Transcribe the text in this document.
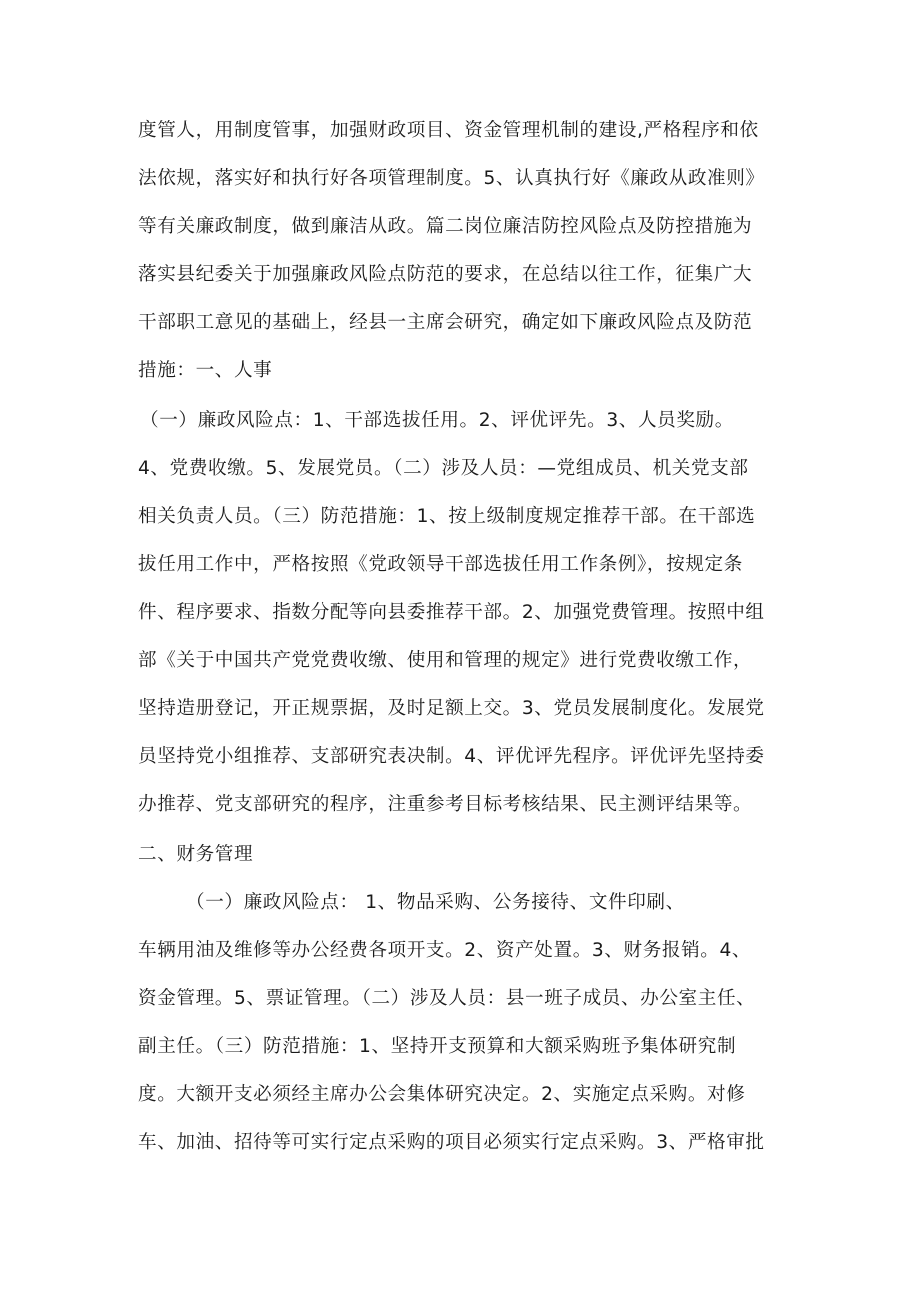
度管人，用制度管事，加强财政项目、资金管理机制的建设,严格程序和依
法依规，落实好和执行好各项管理制度。5、认真执行好《廉政从政准则》
等有关廉政制度，做到廉洁从政。篇二岗位廉洁防控风险点及防控措施为
落实县纪委关于加强廉政风险点防范的要求，在总结以往工作，征集广大
干部职工意见的基础上，经县一主席会研究，确定如下廉政风险点及防范
措施：一、人事
（一）廉政风险点：1、干部选拔任用。2、评优评先。3、人员奖励。
4、党费收缴。5、发展党员。（二）涉及人员：—党组成员、机关党支部
相关负责人员。（三）防范措施：1、按上级制度规定推荐干部。在干部选
拔任用工作中，严格按照《党政领导干部选拔任用工作条例》，按规定条
件、程序要求、指数分配等向县委推荐干部。2、加强党费管理。按照中组
部《关于中国共产党党费收缴、使用和管理的规定》进行党费收缴工作，
坚持造册登记，开正规票据，及时足额上交。3、党员发展制度化。发展党
员坚持党小组推荐、支部研究表决制。4、评优评先程序。评优评先坚持委
办推荐、党支部研究的程序，注重参考目标考核结果、民主测评结果等。
二、财务管理
（一）廉政风险点： 1、物品采购、公务接待、文件印刷、
车辆用油及维修等办公经费各项开支。2、资产处置。3、财务报销。4、
资金管理。5、票证管理。（二）涉及人员：县一班子成员、办公室主任、
副主任。（三）防范措施：1、坚持开支预算和大额采购班予集体研究制
度。大额开支必须经主席办公会集体研究决定。2、实施定点采购。对修
车、加油、招待等可实行定点采购的项目必须实行定点采购。3、严格审批
